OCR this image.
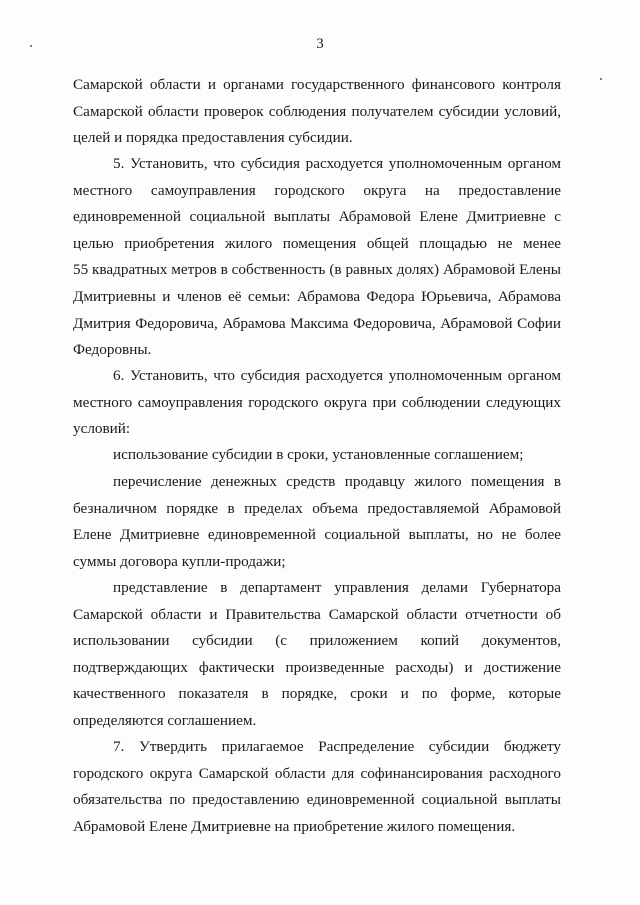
3
Самарской области и органами государственного финансового контроля
Самарской области проверок соблюдения получателем субсидии условий,
целей и порядка предоставления субсидии.
5. Установить, что субсидия расходуется уполномоченным органом
местного самоуправления городского округа на предоставление
единовременной социальной выплаты Абрамовой Елене Дмитриевне с
целью приобретения жилого помещения общей площадью не менее
55 квадратных метров в собственность (в равных долях) Абрамовой Елены
Дмитриевны и членов её семьи: Абрамова Федора Юрьевича, Абрамова
Дмитрия Федоровича, Абрамова Максима Федоровича, Абрамовой Софии
Федоровны.
6. Установить, что субсидия расходуется уполномоченным органом
местного самоуправления городского округа при соблюдении следующих
условий:
использование субсидии в сроки, установленные соглашением;
перечисление денежных средств продавцу жилого помещения в
безналичном порядке в пределах объема предоставляемой Абрамовой
Елене Дмитриевне единовременной социальной выплаты, но не более
суммы договора купли-продажи;
представление в департамент управления делами Губернатора
Самарской области и Правительства Самарской области отчетности об
использовании субсидии (с приложением копий документов,
подтверждающих фактически произведенные расходы) и достижение
качественного показателя в порядке, сроки и по форме, которые
определяются соглашением.
7. Утвердить прилагаемое Распределение субсидии бюджету
городского округа Самарской области для софинансирования расходного
обязательства по предоставлению единовременной социальной выплаты
Абрамовой Елене Дмитриевне на приобретение жилого помещения.
